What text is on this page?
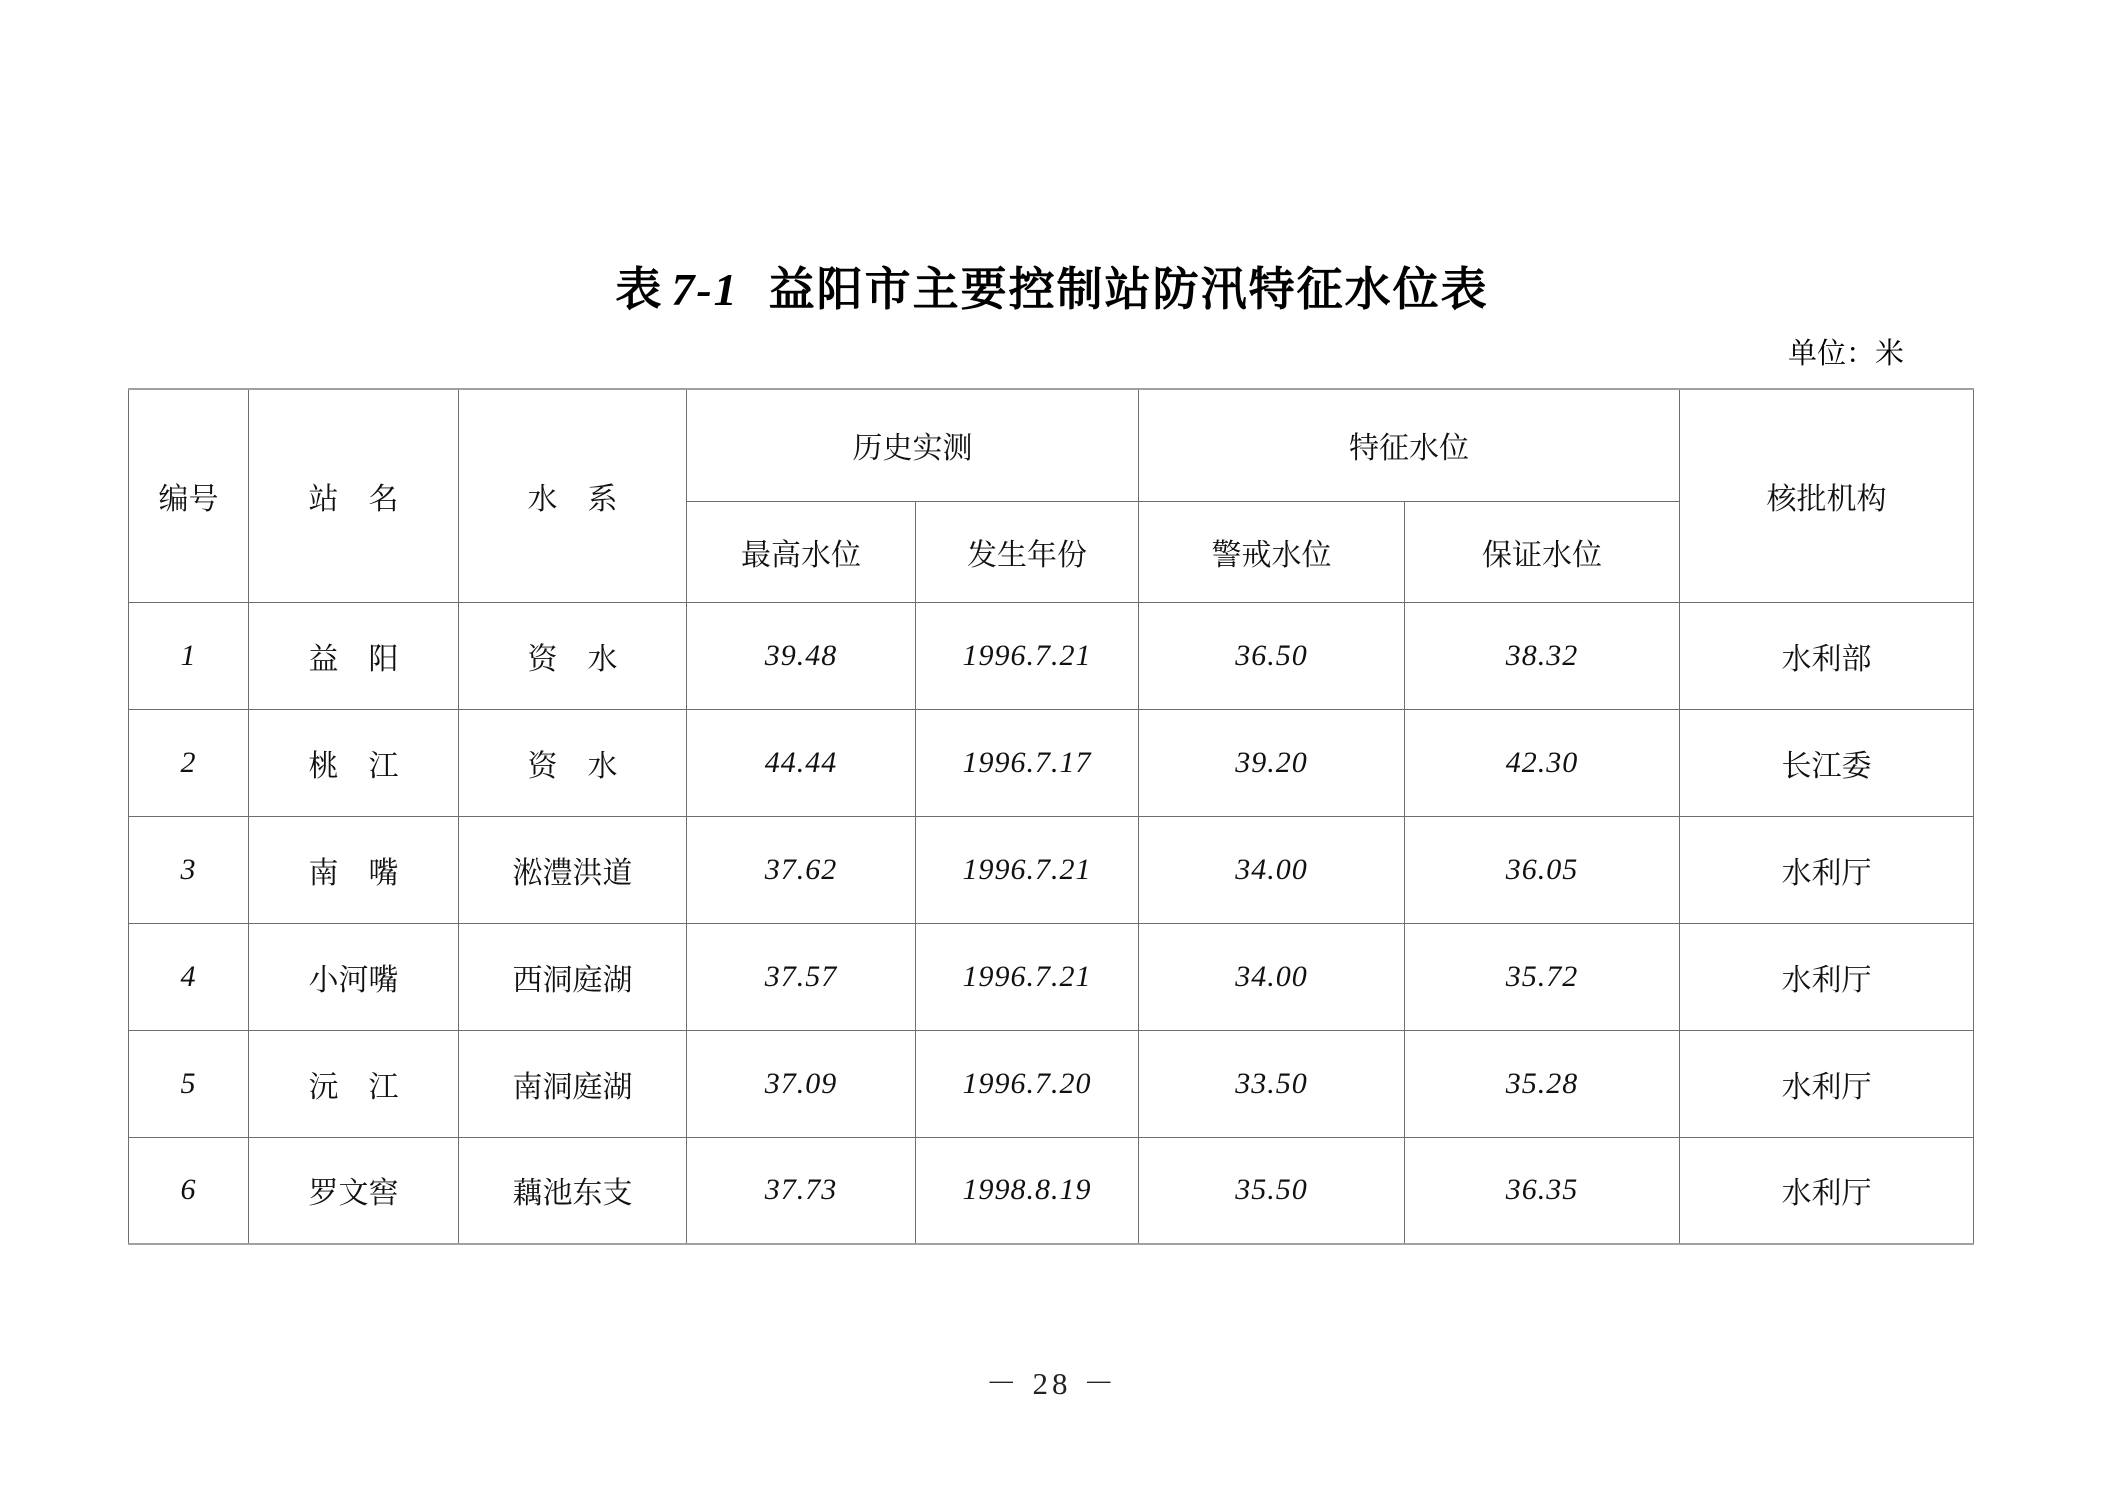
表 7-1 益阳市主要控制站防汛特征水位表
单位：米
编号	站　名	水　系	历史实测		特征水位		核批机构
			最高水位	发生年份	警戒水位	保证水位	
1	益　阳	资　水	39.48	1996.7.21	36.50	38.32	水利部
2	桃　江	资　水	44.44	1996.7.17	39.20	42.30	长江委
3	南　嘴	淞澧洪道	37.62	1996.7.21	34.00	36.05	水利厅
4	小河嘴	西洞庭湖	37.57	1996.7.21	34.00	35.72	水利厅
5	沅　江	南洞庭湖	37.09	1996.7.20	33.50	35.28	水利厅
6	罗文窖	藕池东支	37.73	1998.8.19	35.50	36.35	水利厅
－ 28 －
